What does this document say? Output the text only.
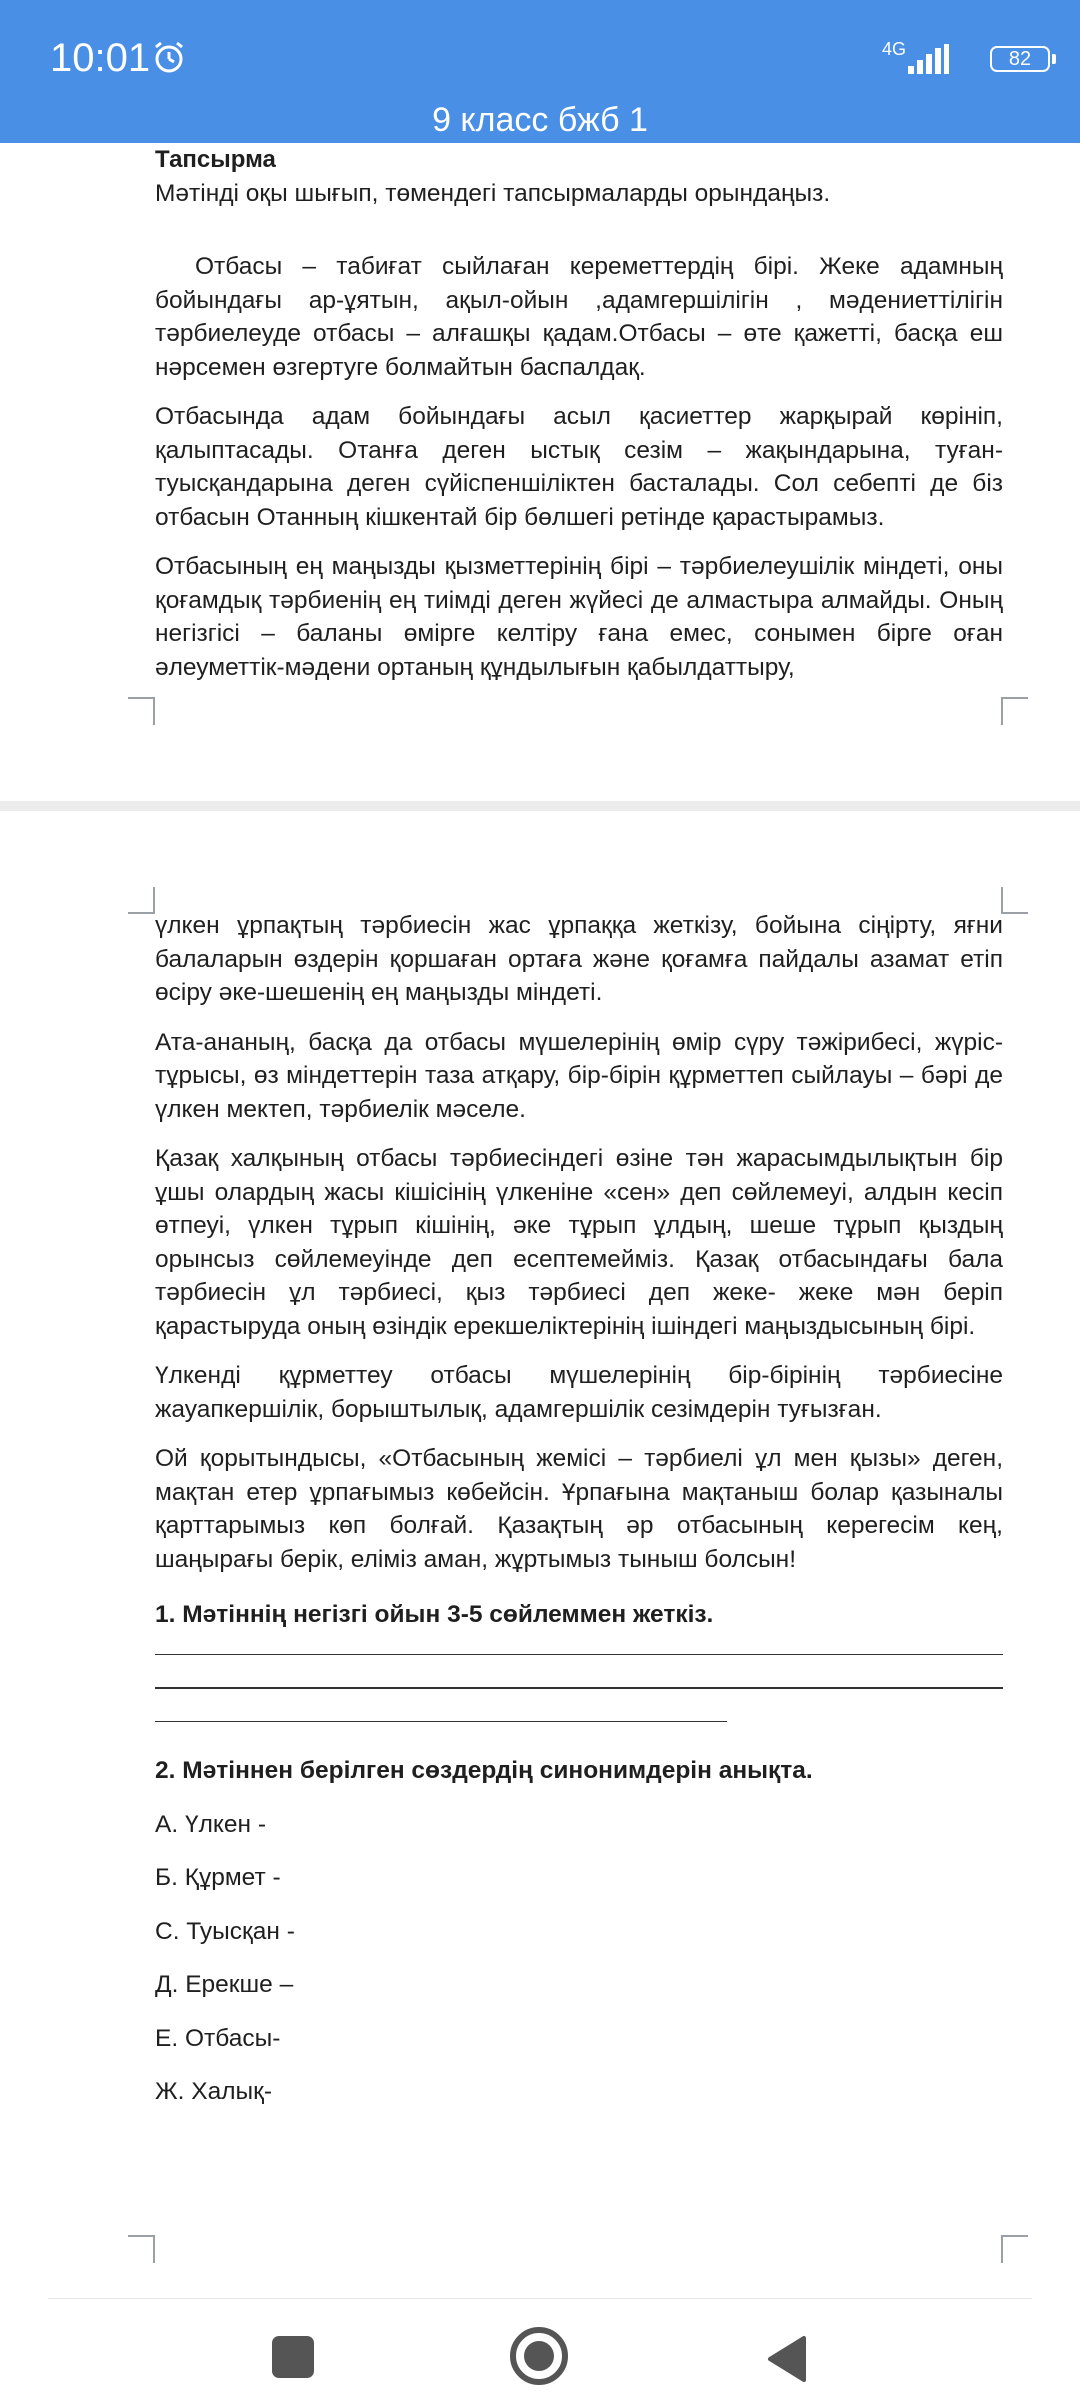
10:01	4G	82
9 класс бжб 1

Тапсырма

Мәтінді оқы шығып, төмендегі тапсырмаларды орындаңыз.

Отбасы – табиғат сыйлаған кереметтердің бірі. Жеке адамның бойындағы ар-ұятын, ақыл-ойын ,адамгершілігін , мәдениеттілігін тәрбиелеуде отбасы – алғашқы қадам.Отбасы – өте қажетті, басқа еш нәрсемен өзгертуге болмайтын баспалдақ.

Отбасында адам бойындағы асыл қасиеттер жарқырай көрініп, қалыптасады. Отанға деген ыстық сезім – жақындарына, туған-туысқандарына деген сүйіспеншіліктен басталады. Сол себепті де біз отбасын Отанның кішкентай бір бөлшегі ретінде қарастырамыз.

Отбасының ең маңызды қызметтерінің бірі – тәрбиелеушілік міндеті, оны қоғамдық тәрбиенің ең тиімді деген жүйесі де алмастыра алмайды. Оның негізгісі – баланы өмірге келтіру ғана емес, сонымен бірге оған әлеуметтік-мәдени ортаның құндылығын қабылдаттыру,

үлкен ұрпақтың тәрбиесін жас ұрпаққа жеткізу, бойына сіңірту, яғни балаларын өздерін қоршаған ортаға және қоғамға пайдалы азамат етіп өсіру әке-шешенің ең маңызды міндеті.

Ата-ананың, басқа да отбасы мүшелерінің өмір сүру тәжірибесі, жүріс-тұрысы, өз міндеттерін таза атқару, бір-бірін құрметтеп сыйлауы – бәрі де үлкен мектеп, тәрбиелік мәселе.

Қазақ халқының отбасы тәрбиесіндегі өзіне тән жарасымдылықтын бір ұшы олардың жасы кішісінің үлкеніне «сен» деп сөйлемеуі, алдын кесіп өтпеуі, үлкен тұрып кішінің, әке тұрып ұлдың, шеше тұрып қыздың орынсыз сөйлемеуінде деп есептемейміз. Қазақ отбасындағы бала тәрбиесін ұл тәрбиесі, қыз тәрбиесі деп жеке- жеке мән беріп қарастыруда оның өзіндік ерекшеліктерінің ішіндегі маңыздысының бірі.

Үлкенді құрметтеу отбасы мүшелерінің бір-бірінің тәрбиесіне жауапкершілік, борыштылық, адамгершілік сезімдерін туғызған.

Ой қорытындысы, «Отбасының жемісі – тәрбиелі ұл мен қызы» деген, мақтан етер ұрпағымыз көбейсін. Ұрпағына мақтаныш болар қазыналы қарттарымыз көп болғай. Қазақтың әр отбасының керегесім кең, шаңырағы берік, еліміз аман, жұртымыз тыныш болсын!

1. Мәтіннің негізгі ойын 3-5 сөйлеммен жеткіз.

2. Мәтіннен берілген сөздердің синонимдерін анықта.

А. Үлкен -

Б. Құрмет -

С. Туысқан -

Д. Ерекше –

Е. Отбасы-

Ж. Халық-
